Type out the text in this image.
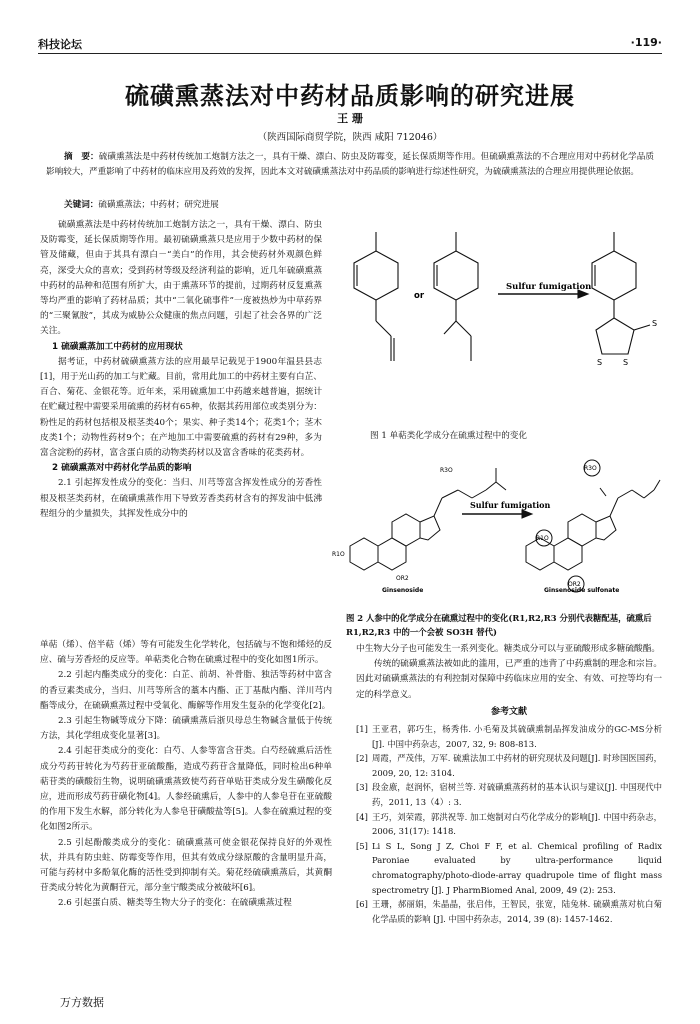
科技论坛	·119·
硫磺熏蒸法对中药材品质影响的研究进展
王 珊
（陕西国际商贸学院，陕西 咸阳 712046）
摘　要：硫磺熏蒸法是中药材传统加工炮制方法之一，具有干燥、漂白、防虫及防霉变，延长保质期等作用。但硫磺熏蒸法的不合理应用对中药材化学品质影响较大，严重影响了中药材的临床应用及药效的发挥，因此本文对硫磺熏蒸法对中药品质的影响进行综述性研究，为硫磺熏蒸法的合理应用提供理论依据。
关键词：硫磺熏蒸法；中药材；研究进展

硫磺熏蒸法是中药材传统加工炮制方法之一，具有干燥、漂白、防虫及防霉变，延长保质期等作用。最初硫磺熏蒸只是应用于少数中药材的保管及储藏，但由于其具有漂白－“美白”的作用，其会使药材外观颜色鲜亮，深受大众的喜欢；受到药材等级及经济利益的影响，近几年硫磺熏蒸中药材的品种和范围有所扩大，由于熏蒸环节的提前，过期药材反复熏蒸等均严重的影响了药材品质；其中“二氧化硫事件”一度被热炒为中草药界的“三聚氰胺”，其成为威胁公众健康的焦点问题，引起了社会各界的广泛关注。

1 硫磺熏蒸加工中药材的应用现状

据考证，中药材硫磺熏蒸方法的应用最早记载见于1900年温县县志[1]，用于光山药的加工与贮藏。目前，常用此加工的中药材主要有白芷、百合、菊花、金银花等。近年来，采用硫熏加工中药越来越普遍，据统计在贮藏过程中需要采用硫熏的药材有65种，依据其药用部位或类别分为：粉性足的药材包括根及根茎类40个；果实、种子类14个；花类1个；茎木皮类1个；动物性药材9个；在产地加工中需要硫熏的药材有29种，多为富含淀粉的药材，富含蛋白质的动物类药材以及富含香味的花类药材。

2 硫磺熏蒸对中药材化学品质的影响

2.1 引起挥发性成分的变化：当归、川芎等富含挥发性成分的芳香性根及根茎类药材，在硫磺熏蒸作用下导致芳香类药材含有的挥发油中低沸程组分的少量损失，其挥发性成分中的

单萜（烯）、倍半萜（烯）等有可能发生化学转化，包括硫与不饱和烯烃的反应、硫与芳香烃的反应等。单萜类化合物在硫熏过程中的变化如图1所示。

2.2 引起内酯类成分的变化：白芷、前胡、补骨脂、独活等药材中富含的香豆素类成分，当归、川芎等所含的藁本内酯、正丁基酞内酯、洋川芎内酯等成分，在硫磺熏蒸过程中受氧化、酶解等作用发生复杂的化学变化[2]。

2.3 引起生物碱等成分下降：硫磺熏蒸后浙贝母总生物碱含量低于传统方法，其化学组成变化显著[3]。

2.4 引起苷类成分的变化：白芍、人参等富含苷类。白芍经硫熏后活性成分芍药苷转化为芍药苷亚硫酸酯，造成芍药苷含量降低，同时检出6种单萜苷类的磺酸衍生物，说明硫磺熏蒸致使芍药苷单贴苷类成分发生磺酸化反应，进而形成芍药苷磺化物[4]。人参经硫熏后，人参中的人参皂苷在亚硫酸的作用下发生水解，部分转化为人参皂苷磺酸盐等[5]。人参在硫熏过程的变化如图2所示。

2.5 引起酚酸类成分的变化：硫磺熏蒸可使金银花保持良好的外观性状，并具有防虫蛀、防霉变等作用，但其有效成分绿原酸的含量明显升高，可能与药材中多酚氧化酶的活性受到抑制有关。菊花经硫磺熏蒸后，其黄酮苷类成分转化为黄酮苷元，部分奎宁酸类成分被破坏[6]。

2.6 引起蛋白质、糖类等生物大分子的变化：在硫磺熏蒸过程

or
Sulfur fumigation
S
S	S
图 1 单萜类化学成分在硫熏过程中的变化
Sulfur fumigation
R3O
R1O
OR2
R3O
R1O
OR2
Ginsenoside	Ginsenoside sulfonate
图 2 人参中的化学成分在硫熏过程中的变化(R1,R2,R3 分别代表糖配基，硫熏后 R1,R2,R3 中的一个会被 SO3H 替代)

中生物大分子也可能发生一系列变化。糖类成分可以与亚硫酸形成多糖硫酸酯。

传统的硫磺熏蒸法被如此的滥用，已严重的违背了中药熏制的理念和宗旨。因此对硫磺熏蒸法的有利控制对保障中药临床应用的安全、有效、可控等均有一定的科学意义。

参考文献
[1] 王亚君，郭巧生，杨秀伟. 小毛菊及其硫磺熏制品挥发油成分的GC-MS分析[J]. 中国中药杂志，2007, 32, 9: 808-813.
[2] 周霞，严茂伟，万军. 硫熏法加工中药材的研究现状及问题[J]. 时珍国医国药，2009, 20, 12: 3104.
[3] 段金廒，赵润怀，宿树兰等. 对硫磺熏蒸药材的基本认识与建议[J]. 中国现代中药，2011, 13（4）: 3.
[4] 王巧，刘荣霞，郭洪祝等. 加工炮制对白芍化学成分的影响[J]. 中国中药杂志，2006, 31(17): 1418.
[5] Li S L, Song J Z, Choi F F, et al. Chemical profiling of Radix Paroniae evaluated by ultra-performance liquid chromatography/photo-diode-array quadrupole time of flight mass spectrometry [J]. J PharmBiomed Anal, 2009, 49 (2): 253.
[6] 王珊，郝丽娟，朱晶晶，张启伟，王智民，张宽，陆兔林. 硫磺熏蒸对杭白菊化学品质的影响 [J]. 中国中药杂志，2014, 39 (8): 1457-1462.
万方数据
